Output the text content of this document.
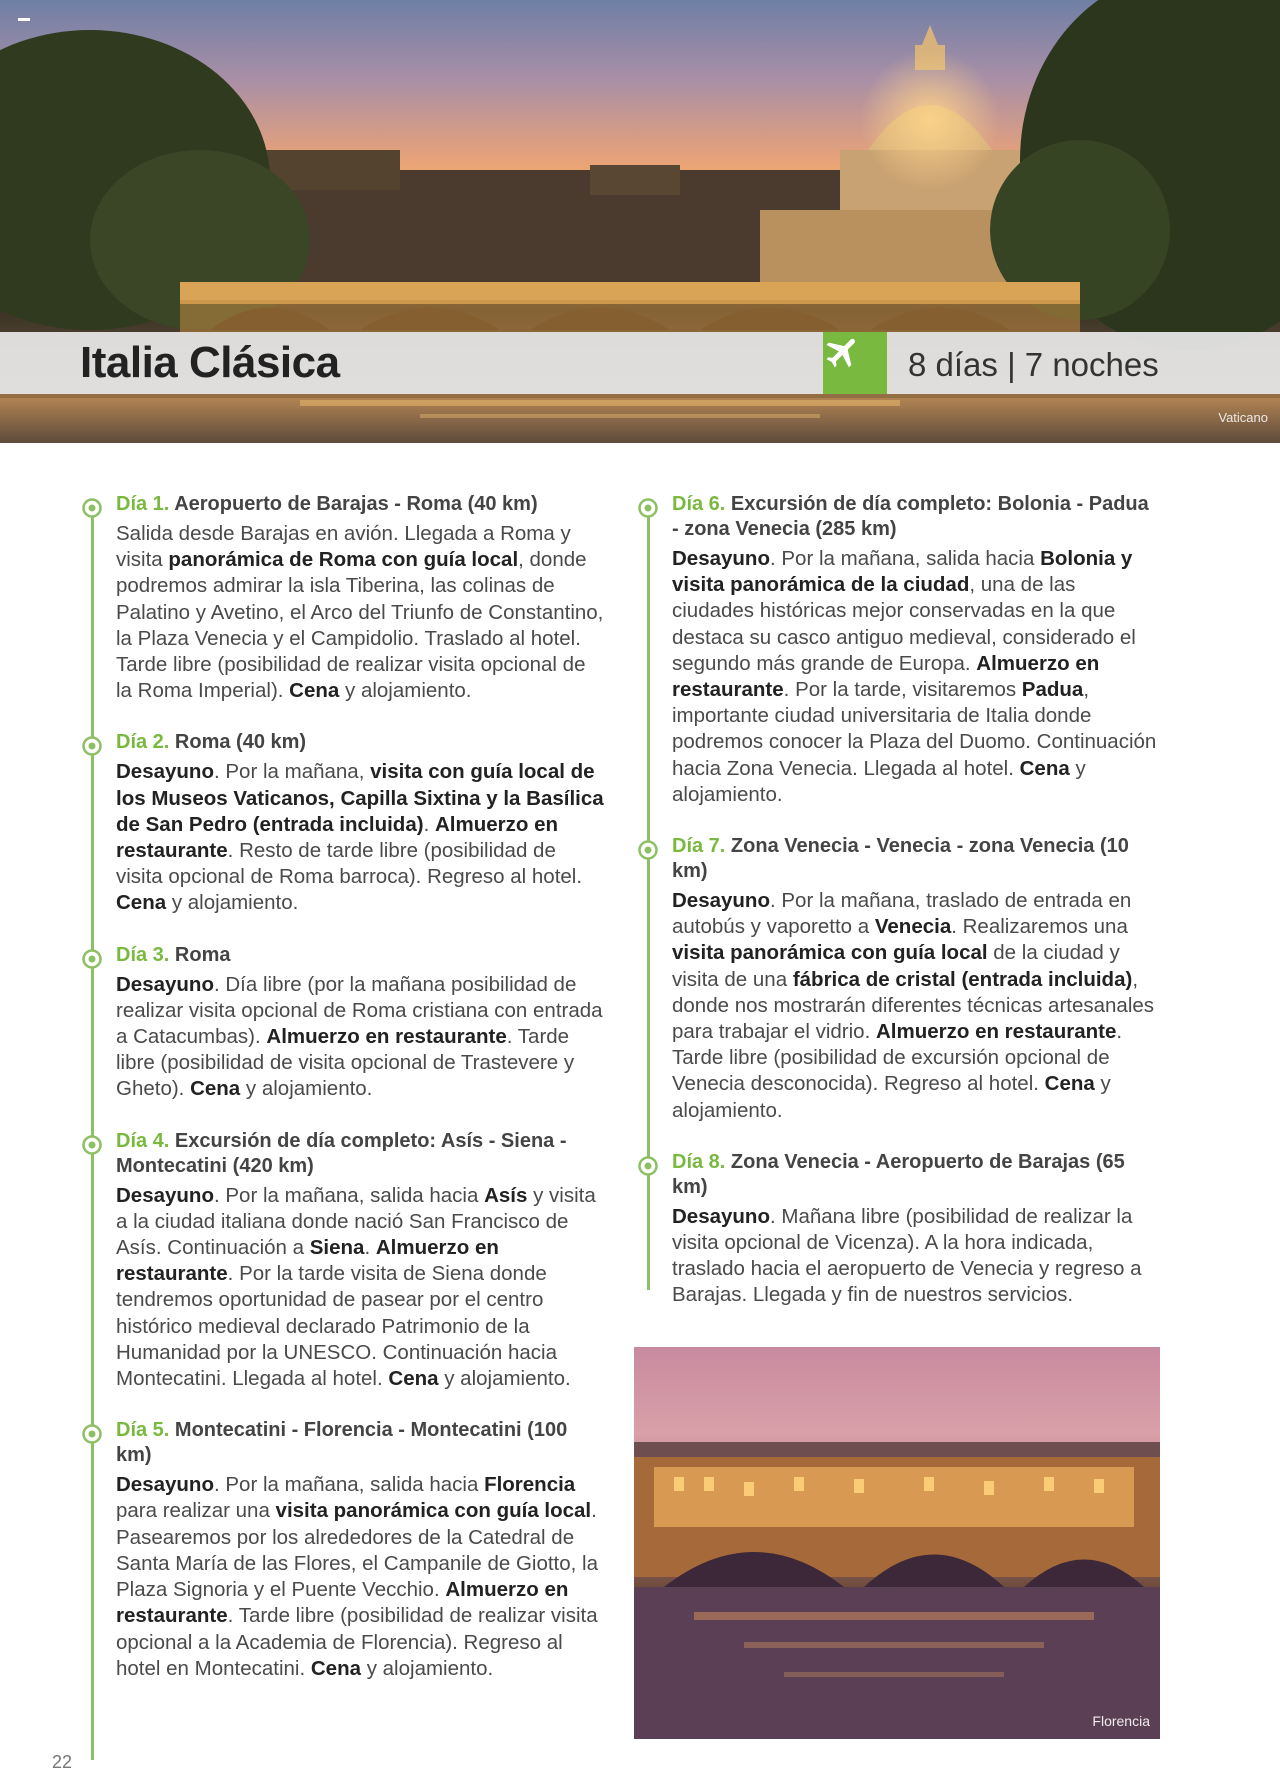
Italia Clásica	8 días | 7 noches
Vaticano

Día 1. Aeropuerto de Barajas - Roma (40 km)

Salida desde Barajas en avión. Llegada a Roma y visita panorámica de Roma con guía local, donde podremos admirar la isla Tiberina, las colinas de Palatino y Avetino, el Arco del Triunfo de Constantino, la Plaza Venecia y el Campidolio. Traslado al hotel. Tarde libre (posibilidad de realizar visita opcional de la Roma Imperial). Cena y alojamiento.

Día 2. Roma (40 km)

Desayuno. Por la mañana, visita con guía local de los Museos Vaticanos, Capilla Sixtina y la Basílica de San Pedro (entrada incluida). Almuerzo en restaurante. Resto de tarde libre (posibilidad de visita opcional de Roma barroca). Regreso al hotel. Cena y alojamiento.

Día 3. Roma

Desayuno. Día libre (por la mañana posibilidad de realizar visita opcional de Roma cristiana con entrada a Catacumbas). Almuerzo en restaurante. Tarde libre (posibilidad de visita opcional de Trastevere y Gheto). Cena y alojamiento.

Día 4. Excursión de día completo: Asís - Siena - Montecatini (420 km)

Desayuno. Por la mañana, salida hacia Asís y visita a la ciudad italiana donde nació San Francisco de Asís. Continuación a Siena. Almuerzo en restaurante. Por la tarde visita de Siena donde tendremos oportunidad de pasear por el centro histórico medieval declarado Patrimonio de la Humanidad por la UNESCO. Continuación hacia Montecatini. Llegada al hotel. Cena y alojamiento.

Día 5. Montecatini - Florencia - Montecatini (100 km)

Desayuno. Por la mañana, salida hacia Florencia para realizar una visita panorámica con guía local. Pasearemos por los alrededores de la Catedral de Santa María de las Flores, el Campanile de Giotto, la Plaza Signoria y el Puente Vecchio. Almuerzo en restaurante. Tarde libre (posibilidad de realizar visita opcional a la Academia de Florencia). Regreso al hotel en Montecatini. Cena y alojamiento.

Día 6. Excursión de día completo: Bolonia - Padua - zona Venecia (285 km)

Desayuno. Por la mañana, salida hacia Bolonia y visita panorámica de la ciudad, una de las ciudades históricas mejor conservadas en la que destaca su casco antiguo medieval, considerado el segundo más grande de Europa. Almuerzo en restaurante. Por la tarde, visitaremos Padua, importante ciudad universitaria de Italia donde podremos conocer la Plaza del Duomo. Continuación hacia Zona Venecia. Llegada al hotel. Cena y alojamiento.

Día 7. Zona Venecia - Venecia - zona Venecia (10 km)

Desayuno. Por la mañana, traslado de entrada en autobús y vaporetto a Venecia. Realizaremos una visita panorámica con guía local de la ciudad y visita de una fábrica de cristal (entrada incluida), donde nos mostrarán diferentes técnicas artesanales para trabajar el vidrio. Almuerzo en restaurante. Tarde libre (posibilidad de excursión opcional de Venecia desconocida). Regreso al hotel. Cena y alojamiento.

Día 8. Zona Venecia - Aeropuerto de Barajas (65 km)

Desayuno. Mañana libre (posibilidad de realizar la visita opcional de Vicenza). A la hora indicada, traslado hacia el aeropuerto de Venecia y regreso a Barajas. Llegada y fin de nuestros servicios.

Florencia
22
